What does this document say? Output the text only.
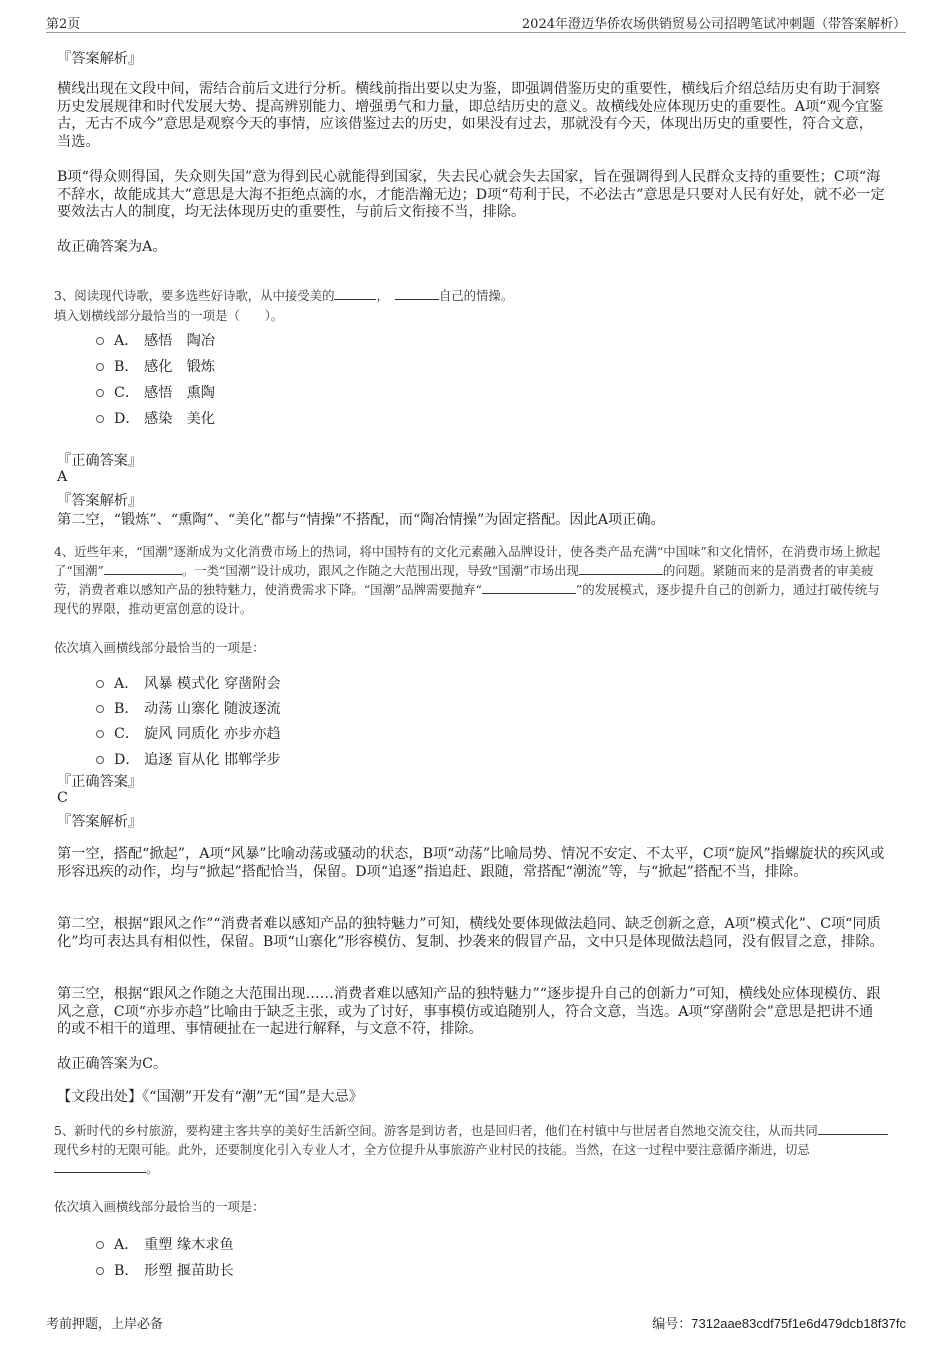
第2页	2024年澄迈华侨农场供销贸易公司招聘笔试冲刺题（带答案解析）
『答案解析』
横线出现在文段中间，需结合前后文进行分析。横线前指出要以史为鉴，即强调借鉴历史的重要性，横线后介绍总结历史有助于洞察历史发展规律和时代发展大势、提高辨别能力、增强勇气和力量，即总结历史的意义。故横线处应体现历史的重要性。A项“观今宜鉴古，无古不成今”意思是观察今天的事情，应该借鉴过去的历史，如果没有过去，那就没有今天，体现出历史的重要性，符合文意，当选。
B项“得众则得国，失众则失国”意为得到民心就能得到国家，失去民心就会失去国家，旨在强调得到人民群众支持的重要性；C项“海不辞水，故能成其大”意思是大海不拒绝点滴的水，才能浩瀚无边；D项“苟利于民，不必法古”意思是只要对人民有好处，就不必一定要效法古人的制度，均无法体现历史的重要性，与前后文衔接不当，排除。
故正确答案为A。
3、阅读现代诗歌，要多选些好诗歌，从中接受美的	，	自己的情操。
填入划横线部分最恰当的一项是（　　）。
A． 感悟　陶冶
B． 感化　锻炼
C． 感悟　熏陶
D． 感染　美化
『正确答案』
A
『答案解析』
第二空，“锻炼”、“熏陶”、“美化”都与“情操”不搭配，而“陶冶情操”为固定搭配。因此A项正确。
4、近些年来，“国潮”逐渐成为文化消费市场上的热词，将中国特有的文化元素融入品牌设计，使各类产品充满“中国味”和文化情怀，在消费市场上掀起了“国潮”	。一类“国潮”设计成功，跟风之作随之大范围出现，导致“国潮”市场出现	的问题。紧随而来的是消费者的审美疲劳，消费者难以感知产品的独特魅力，使消费需求下降。“国潮”品牌需要抛弃“	”的发展模式，逐步提升自己的创新力，通过打破传统与现代的界限，推动更富创意的设计。
依次填入画横线部分最恰当的一项是：
A． 风暴 模式化 穿凿附会
B． 动荡 山寨化 随波逐流
C． 旋风 同质化 亦步亦趋
D． 追逐 盲从化 邯郸学步
『正确答案』
C
『答案解析』
第一空，搭配“掀起”，A项“风暴”比喻动荡或骚动的状态，B项“动荡”比喻局势、情况不安定、不太平，C项“旋风”指螺旋状的疾风或形容迅疾的动作，均与“掀起”搭配恰当，保留。D项“追逐”指追赶、跟随，常搭配“潮流”等，与“掀起”搭配不当，排除。
第二空，根据“跟风之作”“消费者难以感知产品的独特魅力”可知，横线处要体现做法趋同、缺乏创新之意，A项“模式化”、C项“同质化”均可表达具有相似性，保留。B项“山寨化”形容模仿、复制、抄袭来的假冒产品，文中只是体现做法趋同，没有假冒之意，排除。
第三空，根据“跟风之作随之大范围出现……消费者难以感知产品的独特魅力”“逐步提升自己的创新力”可知，横线处应体现模仿、跟风之意，C项“亦步亦趋”比喻由于缺乏主张，或为了讨好，事事模仿或追随别人，符合文意，当选。A项“穿凿附会”意思是把讲不通的或不相干的道理、事情硬扯在一起进行解释，与文意不符，排除。
故正确答案为C。
【文段出处】《“国潮”开发有“潮”无“国”是大忌》
5、新时代的乡村旅游，要构建主客共享的美好生活新空间。游客是到访者，也是回归者，他们在村镇中与世居者自然地交流交往，从而共同现代乡村的无限可能。此外，还要制度化引入专业人才，全方位提升从事旅游产业村民的技能。当然，在这一过程中要注意循序渐进，切忌。
依次填入画横线部分最恰当的一项是：
A． 重塑 缘木求鱼
B． 形塑 揠苗助长
考前押题，上岸必备	编号：7312aae83cdf75f1e6d479dcb18f37fc
